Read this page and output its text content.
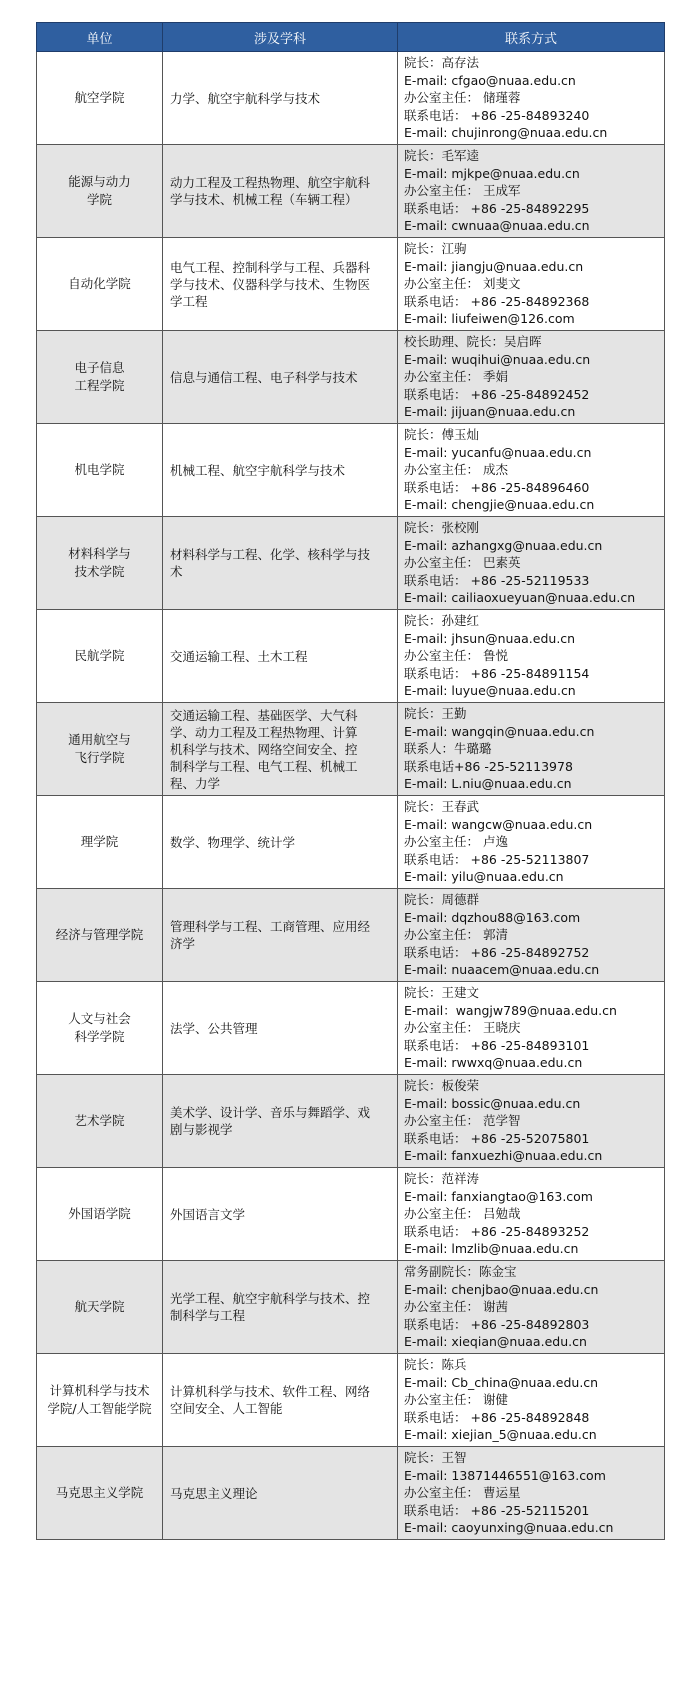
单位	涉及学科	联系方式

航空学院	力学、航空宇航科学与技术	院长：高存法
E-mail: cfgao@nuaa.edu.cn
办公室主任： 储瑾蓉
联系电话： +86 -25-84893240
E-mail: chujinrong@nuaa.edu.cn

能源与动力
学院	动力工程及工程热物理、航空宇航科
学与技术、机械工程（车辆工程）	院长：毛军逵
E-mail: mjkpe@nuaa.edu.cn
办公室主任： 王成军
联系电话： +86 -25-84892295
E-mail: cwnuaa@nuaa.edu.cn

自动化学院	电气工程、控制科学与工程、兵器科
学与技术、仪器科学与技术、生物医
学工程	院长：江驹
E-mail: jiangju@nuaa.edu.cn
办公室主任： 刘斐文
联系电话： +86 -25-84892368
E-mail: liufeiwen@126.com

电子信息
工程学院	信息与通信工程、电子科学与技术	校长助理、院长：吴启晖
E-mail: wuqihui@nuaa.edu.cn
办公室主任： 季娟
联系电话： +86 -25-84892452
E-mail: jijuan@nuaa.edu.cn

机电学院	机械工程、航空宇航科学与技术	院长：傅玉灿
E-mail: yucanfu@nuaa.edu.cn
办公室主任： 成杰
联系电话： +86 -25-84896460
E-mail: chengjie@nuaa.edu.cn

材料科学与
技术学院	材料科学与工程、化学、核科学与技
术	院长：张校刚
E-mail: azhangxg@nuaa.edu.cn
办公室主任： 巴素英
联系电话： +86 -25-52119533
E-mail: cailiaoxueyuan@nuaa.edu.cn

民航学院	交通运输工程、土木工程	院长：孙建红
E-mail: jhsun@nuaa.edu.cn
办公室主任： 鲁悦
联系电话： +86 -25-84891154
E-mail: luyue@nuaa.edu.cn

通用航空与
飞行学院	交通运输工程、基础医学、大气科
学、动力工程及工程热物理、计算
机科学与技术、网络空间安全、控
制科学与工程、电气工程、机械工
程、力学	院长：王勤
E-mail: wangqin@nuaa.edu.cn
联系人：牛璐璐
联系电话+86 -25-52113978
E-mail: L.niu@nuaa.edu.cn

理学院	数学、物理学、统计学	院长：王春武
E-mail: wangcw@nuaa.edu.cn
办公室主任： 卢逸
联系电话： +86 -25-52113807
E-mail: yilu@nuaa.edu.cn

经济与管理学院	管理科学与工程、工商管理、应用经
济学	院长：周德群
E-mail: dqzhou88@163.com
办公室主任： 郭清
联系电话： +86 -25-84892752
E-mail: nuaacem@nuaa.edu.cn

人文与社会
科学学院	法学、公共管理	院长：王建文
E-mail：wangjw789@nuaa.edu.cn
办公室主任： 王晓庆
联系电话： +86 -25-84893101
E-mail: rwwxq@nuaa.edu.cn

艺术学院	美术学、设计学、音乐与舞蹈学、戏
剧与影视学	院长：板俊荣
E-mail: bossic@nuaa.edu.cn
办公室主任： 范学智
联系电话： +86 -25-52075801
E-mail: fanxuezhi@nuaa.edu.cn

外国语学院	外国语言文学	院长：范祥涛
E-mail: fanxiangtao@163.com
办公室主任： 吕勉哉
联系电话： +86 -25-84893252
E-mail: lmzlib@nuaa.edu.cn

航天学院	光学工程、航空宇航科学与技术、控
制科学与工程	常务副院长：陈金宝
E-mail: chenjbao@nuaa.edu.cn
办公室主任： 谢茜
联系电话： +86 -25-84892803
E-mail: xieqian@nuaa.edu.cn

计算机科学与技术
学院/人工智能学院	计算机科学与技术、软件工程、网络
空间安全、人工智能	院长：陈兵
E-mail: Cb_china@nuaa.edu.cn
办公室主任： 谢健
联系电话： +86 -25-84892848
E-mail: xiejian_5@nuaa.edu.cn

马克思主义学院	马克思主义理论	院长：王智
E-mail: 13871446551@163.com
办公室主任： 曹运星
联系电话： +86 -25-52115201
E-mail: caoyunxing@nuaa.edu.cn
